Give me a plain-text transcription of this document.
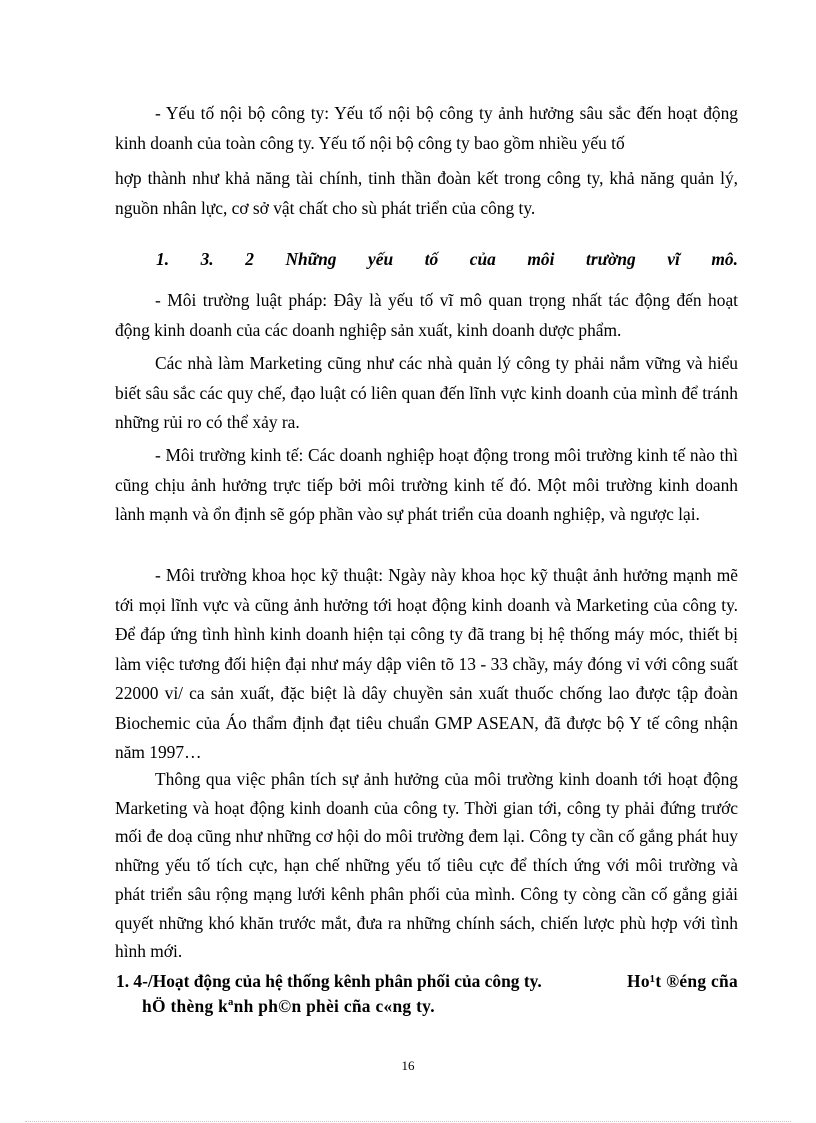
- Yếu tố nội bộ công ty: Yếu tố nội bộ công ty ảnh hưởng sâu sắc đến hoạt động kinh doanh của toàn công ty. Yếu tố nội bộ công ty bao gồm nhiều yếu tố

hợp thành như khả năng tài chính, tinh thần đoàn kết trong công ty, khả năng quản lý, nguồn nhân lực, cơ sở vật chất cho sù phát triển của công ty.

1. 3. 2 Những yếu tố của môi trường vĩ mô.

- Môi trường luật pháp: Đây là yếu tố vĩ mô quan trọng nhất tác động đến hoạt động kinh doanh của các doanh nghiệp sản xuất, kinh doanh dược phẩm.

Các nhà làm Marketing cũng như các nhà quản lý công ty phải nắm vững và hiểu biết sâu sắc các quy chế, đạo luật có liên quan đến lĩnh vực kinh doanh của mình để tránh những rủi ro có thể xảy ra.

- Môi trường kinh tế: Các doanh nghiệp hoạt động trong môi trường kinh tế nào thì cũng chịu ảnh hưởng trực tiếp bởi môi trường kinh tế đó. Một môi trường kinh doanh lành mạnh và ổn định sẽ góp phần vào sự phát triển của doanh nghiệp, và ngược lại.

- Môi trường khoa học kỹ thuật: Ngày này khoa học kỹ thuật ảnh hưởng mạnh mẽ tới mọi lĩnh vực và cũng ảnh hưởng tới hoạt động kinh doanh và Marketing của công ty. Để đáp ứng tình hình kinh doanh hiện tại công ty đã trang bị hệ thống máy móc, thiết bị làm việc tương đối hiện đại như máy dập viên tõ 13 - 33 chầy, máy đóng vỉ với công suất 22000 vỉ/ ca sản xuất, đặc biệt là dây chuyền sản xuất thuốc chống lao được tập đoàn Biochemic của Áo thẩm định đạt tiêu chuẩn GMP ASEAN, đã được bộ Y tế công nhận năm 1997…

Thông qua việc phân tích sự ảnh hưởng của môi trường kinh doanh tới hoạt động Marketing và hoạt động kinh doanh của công ty. Thời gian tới, công ty phải đứng trước mối đe doạ cũng như những cơ hội do môi trường đem lại. Công ty cần cố gắng phát huy những yếu tố tích cực, hạn chế những yếu tố tiêu cực để thích ứng với môi trường và phát triển sâu rộng mạng lưới kênh phân phối của mình. Công ty còng cần cố gắng giải quyết những khó khăn trước mắt, đưa ra những chính sách, chiến lược phù hợp với tình hình mới.

1. 4-/Hoạt động của hệ thống kênh phân phối của công ty.	Ho¹t ®éng cña
hÖ thèng kªnh ph©n phèi cña c«ng ty.
16
